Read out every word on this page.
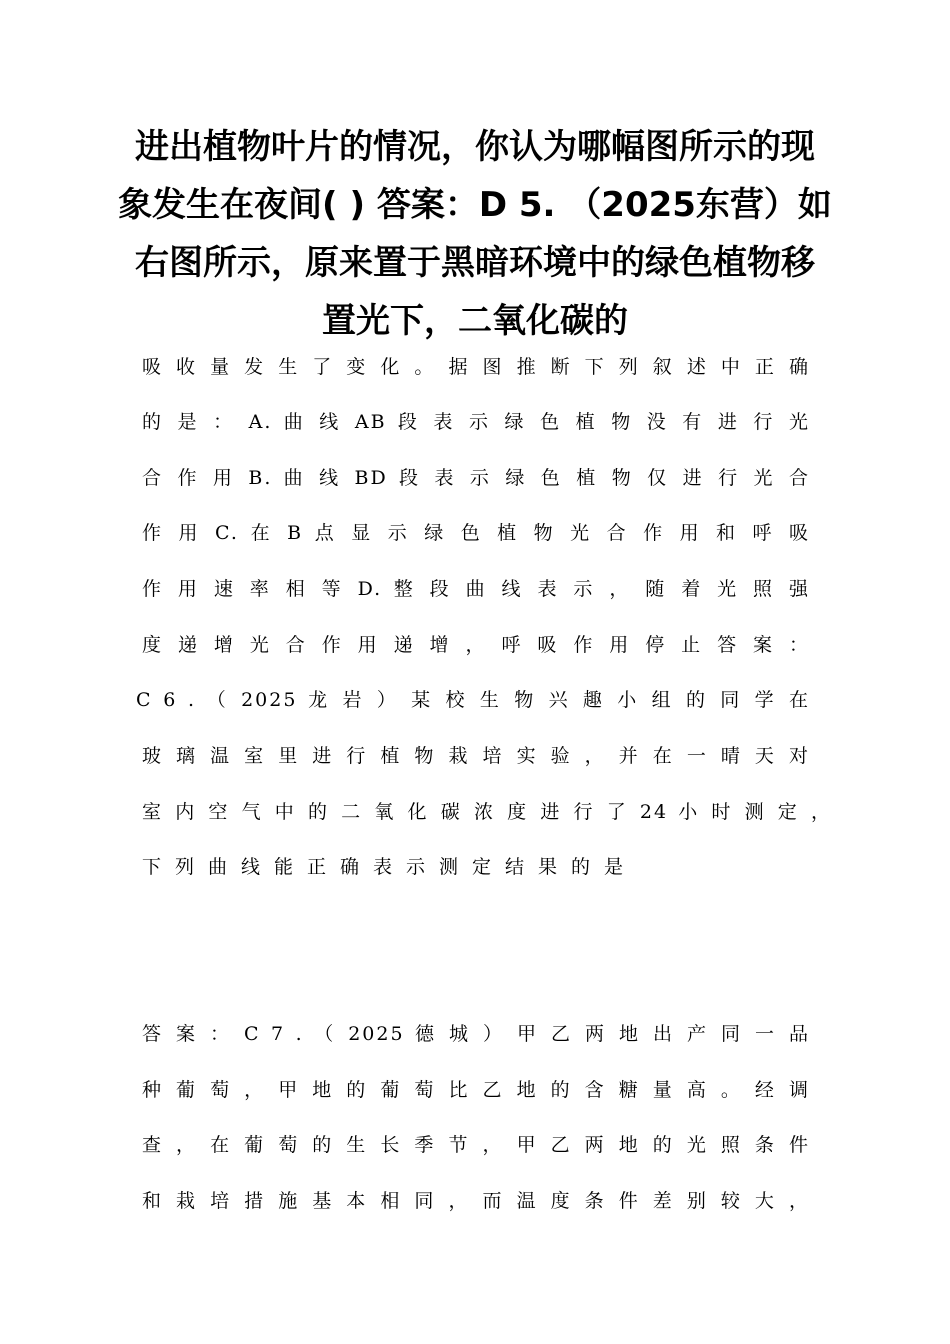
进出植物叶片的情况，你认为哪幅图所示的现
象发生在夜间( ) 答案：D 5. （2025东营）如
右图所示，原来置于黑暗环境中的绿色植物移
置光下，二氧化碳的
吸 收 量 发 生 了 变 化 。 据 图 推 断 下 列 叙 述 中 正 确
的 是 ： A. 曲 线 AB 段 表 示 绿 色 植 物 没 有 进 行 光
合 作 用 B. 曲 线 BD 段 表 示 绿 色 植 物 仅 进 行 光 合
作 用 C. 在 B 点 显 示 绿 色 植 物 光 合 作 用 和 呼 吸
作 用 速 率 相 等 D. 整 段 曲 线 表 示 ， 随 着 光 照 强
度 递 增 光 合 作 用 递 增 ， 呼 吸 作 用 停 止 答 案 ：
C 6 . （ 2025 龙 岩 ） 某 校 生 物 兴 趣 小 组 的 同 学 在
玻 璃 温 室 里 进 行 植 物 栽 培 实 验 ， 并 在 一 晴 天 对
室 内 空 气 中 的 二 氧 化 碳 浓 度 进 行 了 24 小 时 测 定 ，
下列曲线能正确表示测定结果的是
答 案 ： C 7 . （ 2025 德 城 ） 甲 乙 两 地 出 产 同 一 品
种 葡 萄 ， 甲 地 的 葡 萄 比 乙 地 的 含 糖 量 高 。 经 调
查 ， 在 葡 萄 的 生 长 季 节 ， 甲 乙 两 地 的 光 照 条 件
和 栽 培 措 施 基 本 相 同 ， 而 温 度 条 件 差 别 较 大 ，
